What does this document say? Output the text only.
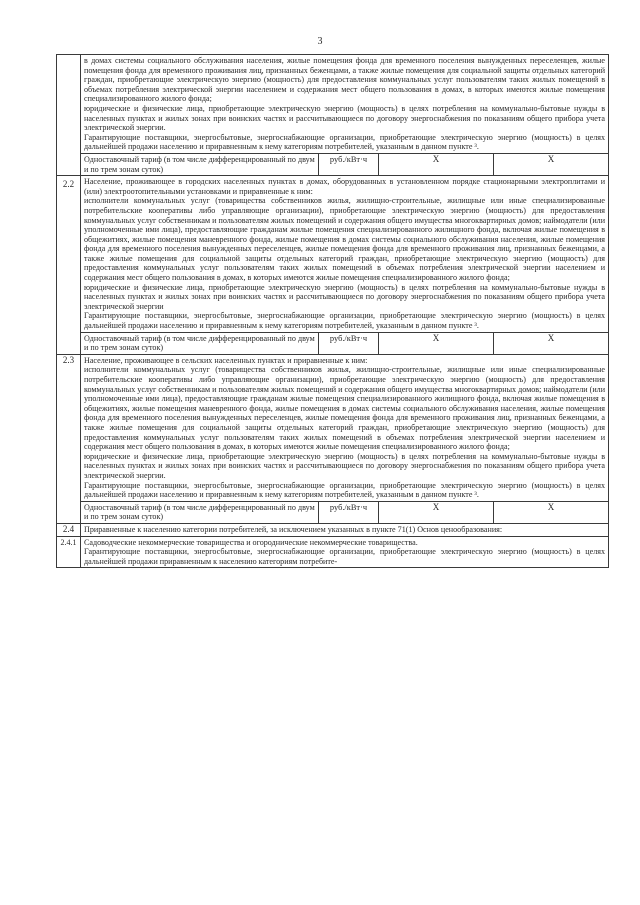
3

	в домах системы социального обслуживания населения, жилые помещения фонда для временного поселения вынужденных переселенцев, жилые помещения фонда для временного проживания лиц, признанных беженцами, а также жилые помещения для социальной защиты отдельных категорий граждан, приобретающие электрическую энергию (мощность) для предоставления коммунальных услуг пользователям таких жилых помещений в объемах потребления электрической энергии населением и содержания мест общего пользования в домах, в которых имеются жилые помещения специализированного жилого фонда;
юридические и физические лица, приобретающие электрическую энергию (мощность) в целях потребления на коммунально-бытовые нужды в населенных пунктах и жилых зонах при воинских частях и рассчитывающиеся по договору энергоснабжения по показаниям общего прибора учета электрической энергии.
Гарантирующие поставщики, энергосбытовые, энергоснабжающие организации, приобретающие электрическую энергию (мощность) в целях дальнейшей продажи населению и приравненным к нему категориям потребителей, указанным в данном пункте ³.			

	Одноставочный тариф (в том числе дифференцированный по двум и по трем зонам суток)	руб./кВт·ч	X	X
2.2	Население, проживающее в городских населенных пунктах в домах, оборудованных в установленном порядке стационарными электроплитами и (или) электроотопительными установками и приравненные к ним:
исполнители коммунальных услуг (товарищества собственников жилья, жилищно-строительные, жилищные или иные специализированные потребительские кооперативы либо управляющие организации), приобретающие электрическую энергию (мощность) для предоставления коммунальных услуг собственникам и пользователям жилых помещений и содержания общего имущества многоквартирных домов; наймодатели (или уполномоченные ими лица), предоставляющие гражданам жилые помещения специализированного жилищного фонда, включая жилые помещения в общежитиях, жилые помещения маневренного фонда, жилые помещения в домах системы социального обслуживания населения, жилые помещения фонда для временного поселения вынужденных переселенцев, жилые помещения фонда для временного проживания лиц, признанных беженцами, а также жилые помещения для социальной защиты отдельных категорий граждан, приобретающие электрическую энергию (мощность) для предоставления коммунальных услуг пользователям таких жилых помещений в объемах потребления электрической энергии населением и содержания мест общего пользования в домах, в которых имеются жилые помещения специализированного жилого фонда;
юридические и физические лица, приобретающие электрическую энергию (мощность) в целях потребления на коммунально-бытовые нужды в населенных пунктах и жилых зонах при воинских частях и рассчитывающиеся по договору энергоснабжения по показаниям общего прибора учета электрической энергии
Гарантирующие поставщики, энергосбытовые, энергоснабжающие организации, приобретающие электрическую энергию (мощность) в целях дальнейшей продажи населению и приравненным к нему категориям потребителей, указанным в данном пункте ³.			

	Одноставочный тариф (в том числе дифференцированный по двум и по трем зонам суток)	руб./кВт·ч	X	X
2.3	Население, проживающее в сельских населенных пунктах и приравненные к ним:
исполнители коммунальных услуг (товарищества собственников жилья, жилищно-строительные, жилищные или иные специализированные потребительские кооперативы либо управляющие организации), приобретающие электрическую энергию (мощность) для предоставления коммунальных услуг собственникам и пользователям жилых помещений и содержания общего имущества многоквартирных домов; наймодатели (или уполномоченные ими лица), предоставляющие гражданам жилые помещения специализированного жилищного фонда, включая жилые помещения в общежитиях, жилые помещения маневренного фонда, жилые помещения в домах системы социального обслуживания населения, жилые помещения фонда для временного поселения вынужденных переселенцев, жилые помещения фонда для временного проживания лиц, признанных беженцами, а также жилые помещения для социальной защиты отдельных категорий граждан, приобретающие электрическую энергию (мощность) для предоставления коммунальных услуг пользователям таких жилых помещений в объемах потребления электрической энергии населением и содержания мест общего пользования в домах, в которых имеются жилые помещения специализированного жилого фонда;
юридические и физические лица, приобретающие электрическую энергию (мощность) в целях потребления на коммунально-бытовые нужды в населенных пунктах и жилых зонах при воинских частях и рассчитывающиеся по договору энергоснабжения по показаниям общего прибора учета электрической энергии.
Гарантирующие поставщики, энергосбытовые, энергоснабжающие организации, приобретающие электрическую энергию (мощность) в целях дальнейшей продажи населению и приравненным к нему категориям потребителей, указанным в данном пункте ³.			

	Одноставочный тариф (в том числе дифференцированный по двум и по трем зонам суток)	руб./кВт·ч	X	X
2.4	Приравненные к населению категории потребителей, за исключением указанных в пункте 71(1) Основ ценообразования:			
2.4.1	Садоводческие некоммерческие товарищества и огороднические некоммерческие товарищества.
Гарантирующие поставщики, энергосбытовые, энергоснабжающие организации, приобретающие электрическую энергию (мощность) в целях дальнейшей продажи приравненным к населению категориям потребите-			
